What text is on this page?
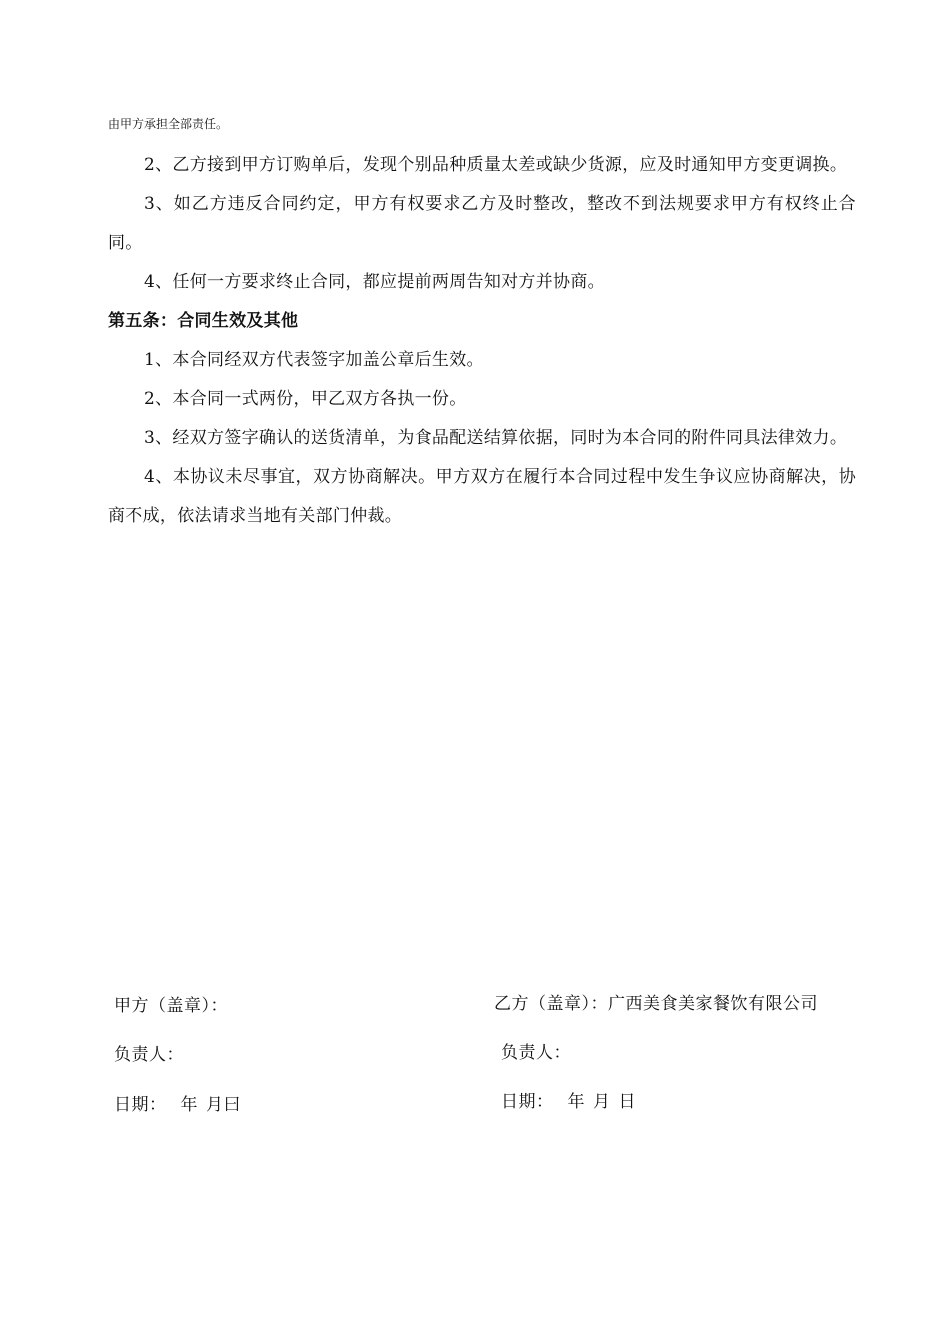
由甲方承担全部责任。

2、乙方接到甲方订购单后，发现个别品种质量太差或缺少货源，应及时通知甲方变更调换。

3、如乙方违反合同约定，甲方有权要求乙方及时整改，整改不到法规要求甲方有权终止合同。

4、任何一方要求终止合同，都应提前两周告知对方并协商。

第五条：合同生效及其他

1、本合同经双方代表签字加盖公章后生效。

2、本合同一式两份，甲乙双方各执一份。

3、经双方签字确认的送货清单，为食品配送结算依据，同时为本合同的附件同具法律效力。

4、本协议未尽事宜，双方协商解决。甲方双方在履行本合同过程中发生争议应协商解决，协商不成，依法请求当地有关部门仲裁。

甲方（盖章）：
负责人：
日期： 年 月曰
乙方（盖章）：广西美食美家餐饮有限公司
负责人：
日期： 年 月 日
